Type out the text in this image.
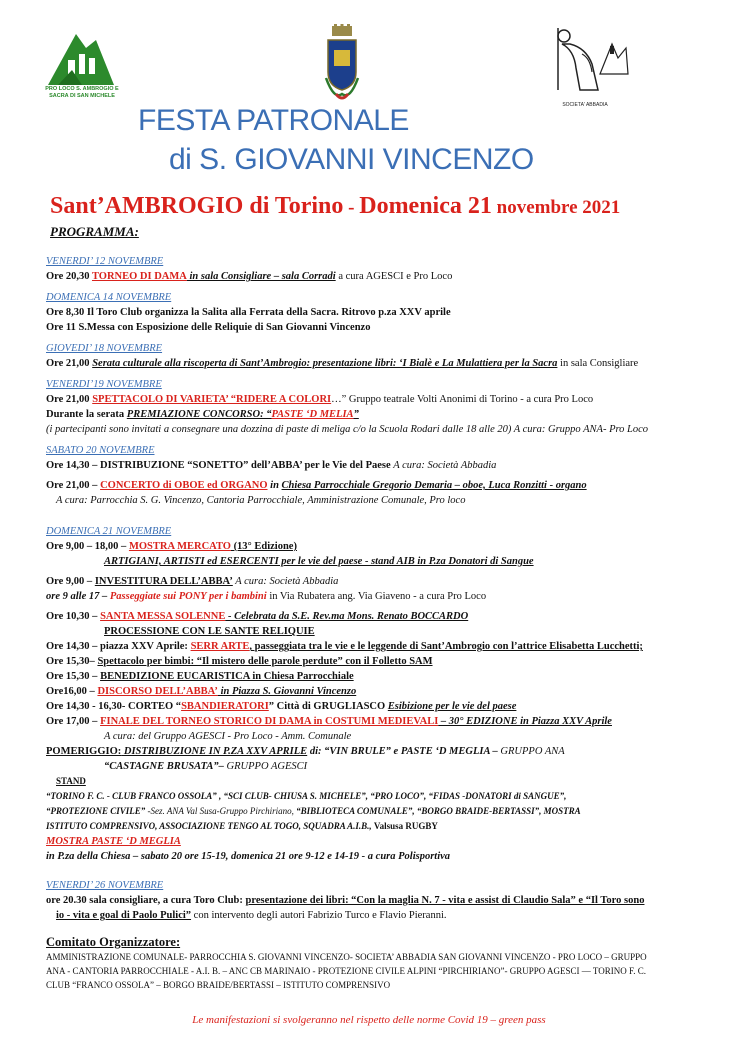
PRO LOCO S. AMBROGIO E SACRA DI SAN MICHELE
SOCIETA' ABBADIA
FESTA PATRONALE
di S. GIOVANNI VINCENZO
Sant’AMBROGIO di Torino - Domenica 21 novembre 2021
PROGRAMMA:
VENERDI’ 12 NOVEMBRE
Ore 20,30 TORNEO DI DAMA in sala Consigliare – sala Corradi a cura AGESCI e Pro Loco
DOMENICA 14 NOVEMBRE
Ore 8,30 Il Toro Club organizza la Salita alla Ferrata della Sacra. Ritrovo p.za XXV aprile
Ore 11 S.Messa con Esposizione delle Reliquie di San Giovanni Vincenzo
GIOVEDI’ 18 NOVEMBRE
Ore 21,00 Serata culturale alla riscoperta di Sant’Ambrogio: presentazione libri: ‘I Bialè e La Mulattiera per la Sacra in sala Consigliare
VENERDI’19 NOVEMBRE
Ore 21,00 SPETTACOLO DI VARIETA’ “RIDERE A COLORI…” Gruppo teatrale Volti Anonimi di Torino - a cura Pro Loco
Durante la serata PREMIAZIONE CONCORSO: “PASTE ‘D MELIA”
(i partecipanti sono invitati a consegnare una dozzina di paste di meliga c/o la Scuola Rodari dalle 18 alle 20) A cura: Gruppo ANA- Pro Loco
SABATO 20 NOVEMBRE
Ore 14,30 – DISTRIBUZIONE “SONETTO” dell’ABBA’ per le Vie del Paese A cura: Società Abbadia
Ore 21,00 – CONCERTO di OBOE ed ORGANO in Chiesa Parrocchiale Gregorio Demaria – oboe, Luca Ronzitti - organo
A cura: Parrocchia S. G. Vincenzo, Cantoria Parrocchiale, Amministrazione Comunale, Pro loco
DOMENICA 21 NOVEMBRE
Ore 9,00 – 18,00 – MOSTRA MERCATO (13° Edizione)
ARTIGIANI, ARTISTI ed ESERCENTI per le vie del paese - stand AIB in P.za Donatori di Sangue
Ore 9,00 – INVESTITURA DELL’ABBA’ A cura: Società Abbadia
ore 9 alle 17 – Passeggiate sui PONY per i bambini in Via Rubatera ang. Via Giaveno - a cura Pro Loco
Ore 10,30 – SANTA MESSA SOLENNE - Celebrata da S.E. Rev.ma Mons. Renato BOCCARDO
PROCESSIONE CON LE SANTE RELIQUIE
Ore 14,30 – piazza XXV Aprile: SERR ARTE, passeggiata tra le vie e le leggende di Sant’Ambrogio con l’attrice Elisabetta Lucchetti;
Ore 15,30– Spettacolo per bimbi: “Il mistero delle parole perdute” con il Folletto SAM
Ore 15,30 – BENEDIZIONE EUCARISTICA in Chiesa Parrocchiale
Ore16,00 – DISCORSO DELL’ABBA’ in Piazza S. Giovanni Vincenzo
Ore 14,30 - 16,30- CORTEO “SBANDIERATORI” Città di GRUGLIASCO Esibizione per le vie del paese
Ore 17,00 – FINALE DEL TORNEO STORICO DI DAMA in COSTUMI MEDIEVALI – 30° EDIZIONE in Piazza XXV Aprile
A cura: del Gruppo AGESCI - Pro Loco - Amm. Comunale
POMERIGGIO: DISTRIBUZIONE IN P.ZA XXV APRILE di: “VIN BRULE” e PASTE ‘D MEGLIA – GRUPPO ANA
“CASTAGNE BRUSATA”– GRUPPO AGESCI
STAND
“TORINO F. C. - CLUB FRANCO OSSOLA” , “SCI CLUB- CHIUSA S. MICHELE”, “PRO LOCO”, “FIDAS -DONATORI di SANGUE”,
“PROTEZIONE CIVILE” -Sez. ANA Val Susa-Gruppo Pirchiriano, “BIBLIOTECA COMUNALE”, “BORGO BRAIDE-BERTASSI”, MOSTRA
ISTITUTO COMPRENSIVO, ASSOCIAZIONE TENGO AL TOGO, SQUADRA A.I.B., Valsusa RUGBY
MOSTRA PASTE ‘D MEGLIA
in P.za della Chiesa – sabato 20 ore 15-19, domenica 21 ore 9-12 e 14-19 - a cura Polisportiva
VENERDI’ 26 NOVEMBRE
ore 20.30 sala consigliare, a cura Toro Club: presentazione dei libri: “Con la maglia N. 7 - vita e assist di Claudio Sala” e “Il Toro sono
io - vita e goal di Paolo Pulici” con intervento degli autori Fabrizio Turco e Flavio Pieranni.
Comitato Organizzatore:
AMMINISTRAZIONE COMUNALE- PARROCCHIA S. GIOVANNI VINCENZO- SOCIETA’ ABBADIA SAN GIOVANNI VINCENZO - PRO LOCO – GRUPPO
ANA - CANTORIA PARROCCHIALE - A.I. B. – ANC CB MARINAIO - PROTEZIONE CIVILE ALPINI “PIRCHIRIANO”- GRUPPO AGESCI — TORINO F. C.
CLUB “FRANCO OSSOLA” – BORGO BRAIDE/BERTASSI – ISTITUTO COMPRENSIVO
Le manifestazioni si svolgeranno nel rispetto delle norme Covid 19 – green pass
